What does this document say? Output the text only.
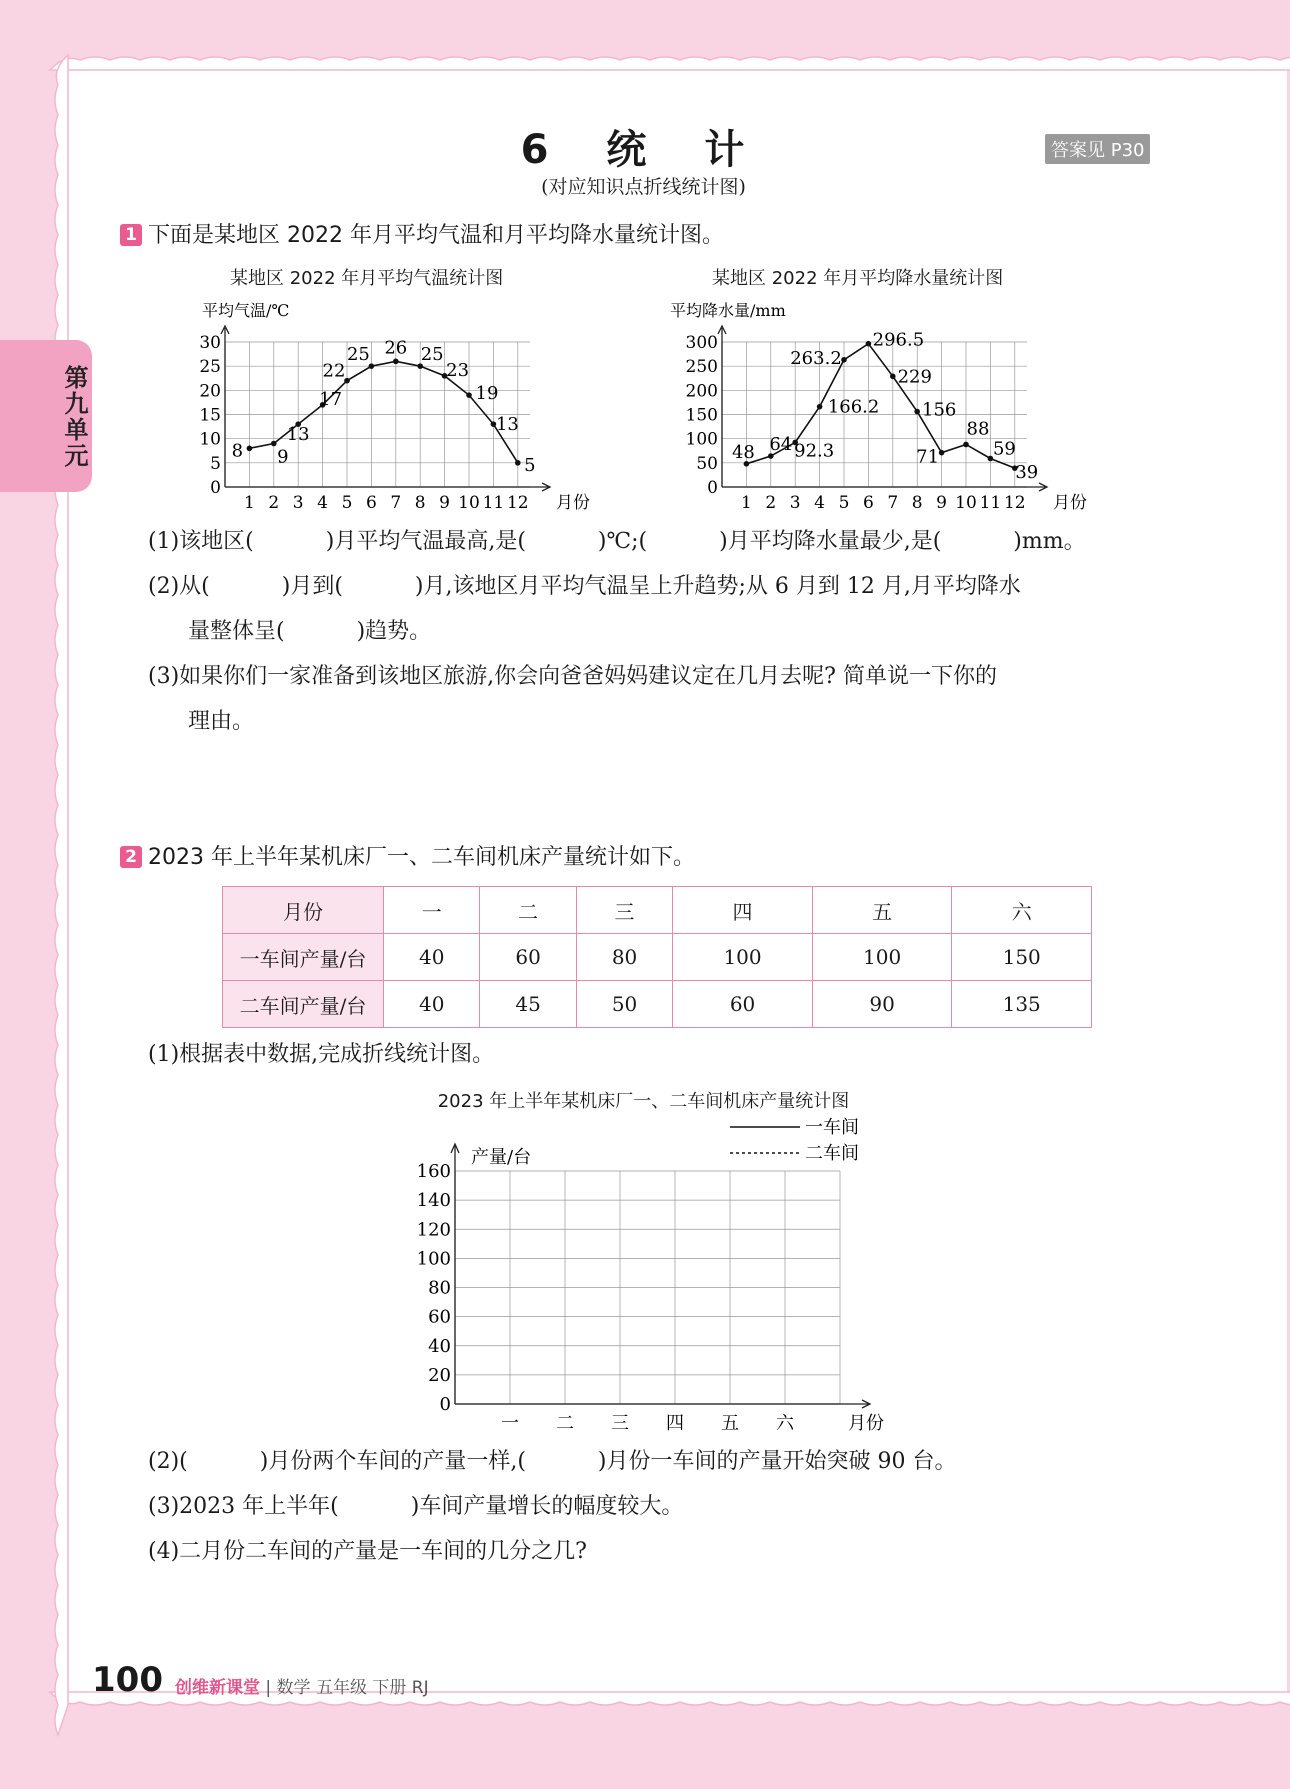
第九单元
6 统 计
(对应知识点折线统计图)
答案见 P30
1 下面是某地区 2022 年月平均气温和月平均降水量统计图。
某地区 2022 年月平均气温统计图	某地区 2022 年月平均降水量统计图
0
5
10
15
20
25
30
1 2 3 4 5 6 7 8 9 10 11 12 月份
平均气温/℃
8 9
13
17
22
25 26 25
23
19
13
5
0
50
100
150
200
250
300
1 2 3 4 5 6 7 8 9 10 11 12 月份
平均降水量/mm
48 64 92.3
166.2
263.2
296.5
229
156
71
88
59
39
(1)该地区(	)月平均气温最高,是(	)℃;(	)月平均降水量最少,是(	)mm。
(2)从(	)月到(	)月,该地区月平均气温呈上升趋势;从 6 月到 12 月,月平均降水
量整体呈(	)趋势。
(3)如果你们一家准备到该地区旅游,你会向爸爸妈妈建议定在几月去呢? 简单说一下你的
理由。
2 2023 年上半年某机床厂一、二车间机床产量统计如下。
月份	一	二	三	四	五	六
一车间产量/台	40	60	80	100	100	150
二车间产量/台	40	45	50	60	90	135
(1)根据表中数据,完成折线统计图。
2023 年上半年某机床厂一、二车间机床产量统计图
0
20
40
60
80
100
120
140
160
一 二 三 四 五 六	月份
产量/台
一车间
二车间
(2)(	)月份两个车间的产量一样,(	)月份一车间的产量开始突破 90 台。
(3)2023 年上半年(	)车间产量增长的幅度较大。
(4)二月份二车间的产量是一车间的几分之几?
100 创维新课堂 | 数学 五年级 下册 RJ
